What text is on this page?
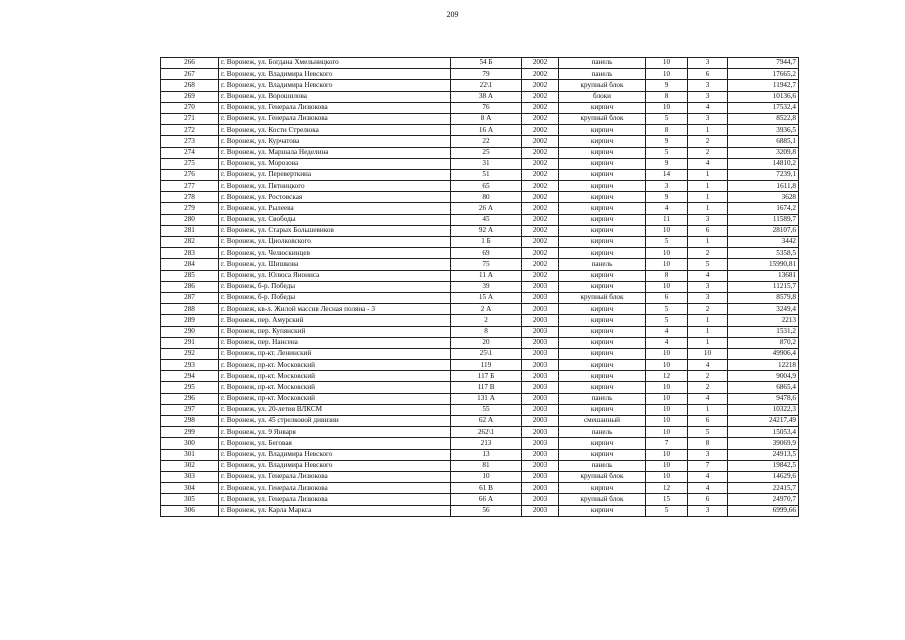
209
266	г. Воронеж, ул. Богдана Хмельницкого	54 Б	2002	панель	10	3	7944,7
267	г. Воронеж, ул. Владимира Невского	79	2002	панель	10	6	17665,2
268	г. Воронеж, ул. Владимира Невского	22\1	2002	крупный блок	9	3	11942,7
269	г. Воронеж, ул. Ворошилова	38 А	2002	блоки	8	3	10136,6
270	г. Воронеж, ул. Генерала Лизюкова	76	2002	кирпич	10	4	17532,4
271	г. Воронеж, ул. Генерала Лизюкова	8 А	2002	крупный блок	5	3	8522,8
272	г. Воронеж, ул. Кости Стрелюка	16 А	2002	кирпич	8	1	3936,5
273	г. Воронеж, ул. Курчатова	22	2002	кирпич	9	2	6885,1
274	г. Воронеж, ул. Маршала Неделина	25	2002	кирпич	5	2	3209,8
275	г. Воронеж, ул. Морозова	31	2002	кирпич	9	4	14810,2
276	г. Воронеж, ул. Переверткина	51	2002	кирпич	14	1	7239,1
277	г. Воронеж, ул. Пятницкого	65	2002	кирпич	3	1	1611,8
278	г. Воронеж, ул. Ростовская	80	2002	кирпич	9	1	3628
279	г. Воронеж, ул. Рылеева	26 А	2002	кирпич	4	1	1674,2
280	г. Воронеж, ул. Свободы	45	2002	кирпич	11	3	11589,7
281	г. Воронеж, ул. Старых Большевиков	92 А	2002	кирпич	10	6	28107,6
282	г. Воронеж, ул. Циолковского	1 Б	2002	кирпич	5	1	3442
283	г. Воронеж, ул. Челюскинцев	69	2002	кирпич	10	2	5358,5
284	г. Воронеж, ул. Шишкова	75	2002	панель	10	5	15990,81
285	г. Воронеж, ул. Юлюса Янониса	11 А	2002	кирпич	8	4	13681
286	г. Воронеж, б-р. Победы	39	2003	кирпич	10	3	11215,7
287	г. Воронеж, б-р. Победы	15 А	2003	крупный блок	6	3	8579,8
288	г. Воронеж, кв-л. Жилой массив Лесная поляна - 3	2 А	2003	кирпич	5	2	3249,4
289	г. Воронеж, пер. Амурский	2	2003	кирпич	5	1	2213
290	г. Воронеж, пер. Купянский	8	2003	кирпич	4	1	1531,2
291	г. Воронеж, пер. Нансена	20	2003	кирпич	4	1	870,2
292	г. Воронеж, пр-кт. Ленинский	25\1	2003	кирпич	10	10	49906,4
293	г. Воронеж, пр-кт. Московский	119	2003	кирпич	10	4	12218
294	г. Воронеж, пр-кт. Московский	117 Б	2003	кирпич	12	2	9004,9
295	г. Воронеж, пр-кт. Московский	117 В	2003	кирпич	10	2	6865,4
296	г. Воронеж, пр-кт. Московский	131 А	2003	панель	10	4	9478,6
297	г. Воронеж, ул. 20-летия ВЛКСМ	55	2003	кирпич	10	1	10322,3
298	г. Воронеж, ул. 45 стрелковой дивизии	62 А	2003	смешанный	10	6	24217,49
299	г. Воронеж, ул. 9 Января	262\1	2003	панель	10	5	15053,4
300	г. Воронеж, ул. Беговая	213	2003	кирпич	7	8	39069,9
301	г. Воронеж, ул. Владимира Невского	13	2003	кирпич	10	3	24913,5
302	г. Воронеж, ул. Владимира Невского	81	2003	панель	10	7	19842,5
303	г. Воронеж, ул. Генерала Лизюкова	10	2003	крупный блок	10	4	14629,6
304	г. Воронеж, ул. Генерала Лизюкова	61 В	2003	кирпич	12	4	22415,7
305	г. Воронеж, ул. Генерала Лизюкова	66 А	2003	крупный блок	15	6	24970,7
306	г. Воронеж, ул. Карла Маркса	56	2003	кирпич	5	3	6999,66
